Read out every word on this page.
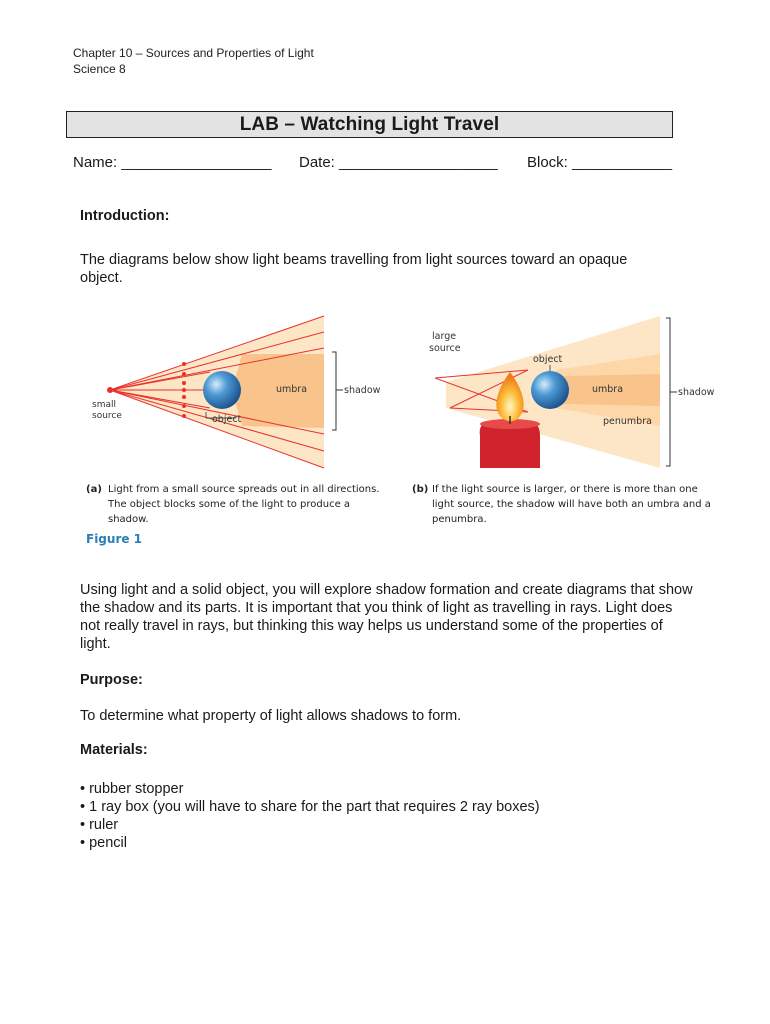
Chapter 10 – Sources and Properties of Light
Science 8
LAB – Watching Light Travel
Name: __________________ Date: ___________________ Block: ____________
Introduction:
The diagrams below show light beams travelling from light sources toward an opaque object.
small
source
umbra	shadow
object
large
source
object
umbra
penumbra
shadow
(a) Light from a small source spreads out in all directions.
The object blocks some of the light to produce a
shadow.
(b) If the light source is larger, or there is more than one
light source, the shadow will have both an umbra and a
penumbra.
Figure 1
Using light and a solid object, you will explore shadow formation and create diagrams that show the shadow and its parts. It is important that you think of light as travelling in rays. Light does not really travel in rays, but thinking this way helps us understand some of the properties of light.
Purpose:
To determine what property of light allows shadows to form.
Materials:
• rubber stopper
• 1 ray box (you will have to share for the part that requires 2 ray boxes)
• ruler
• pencil
